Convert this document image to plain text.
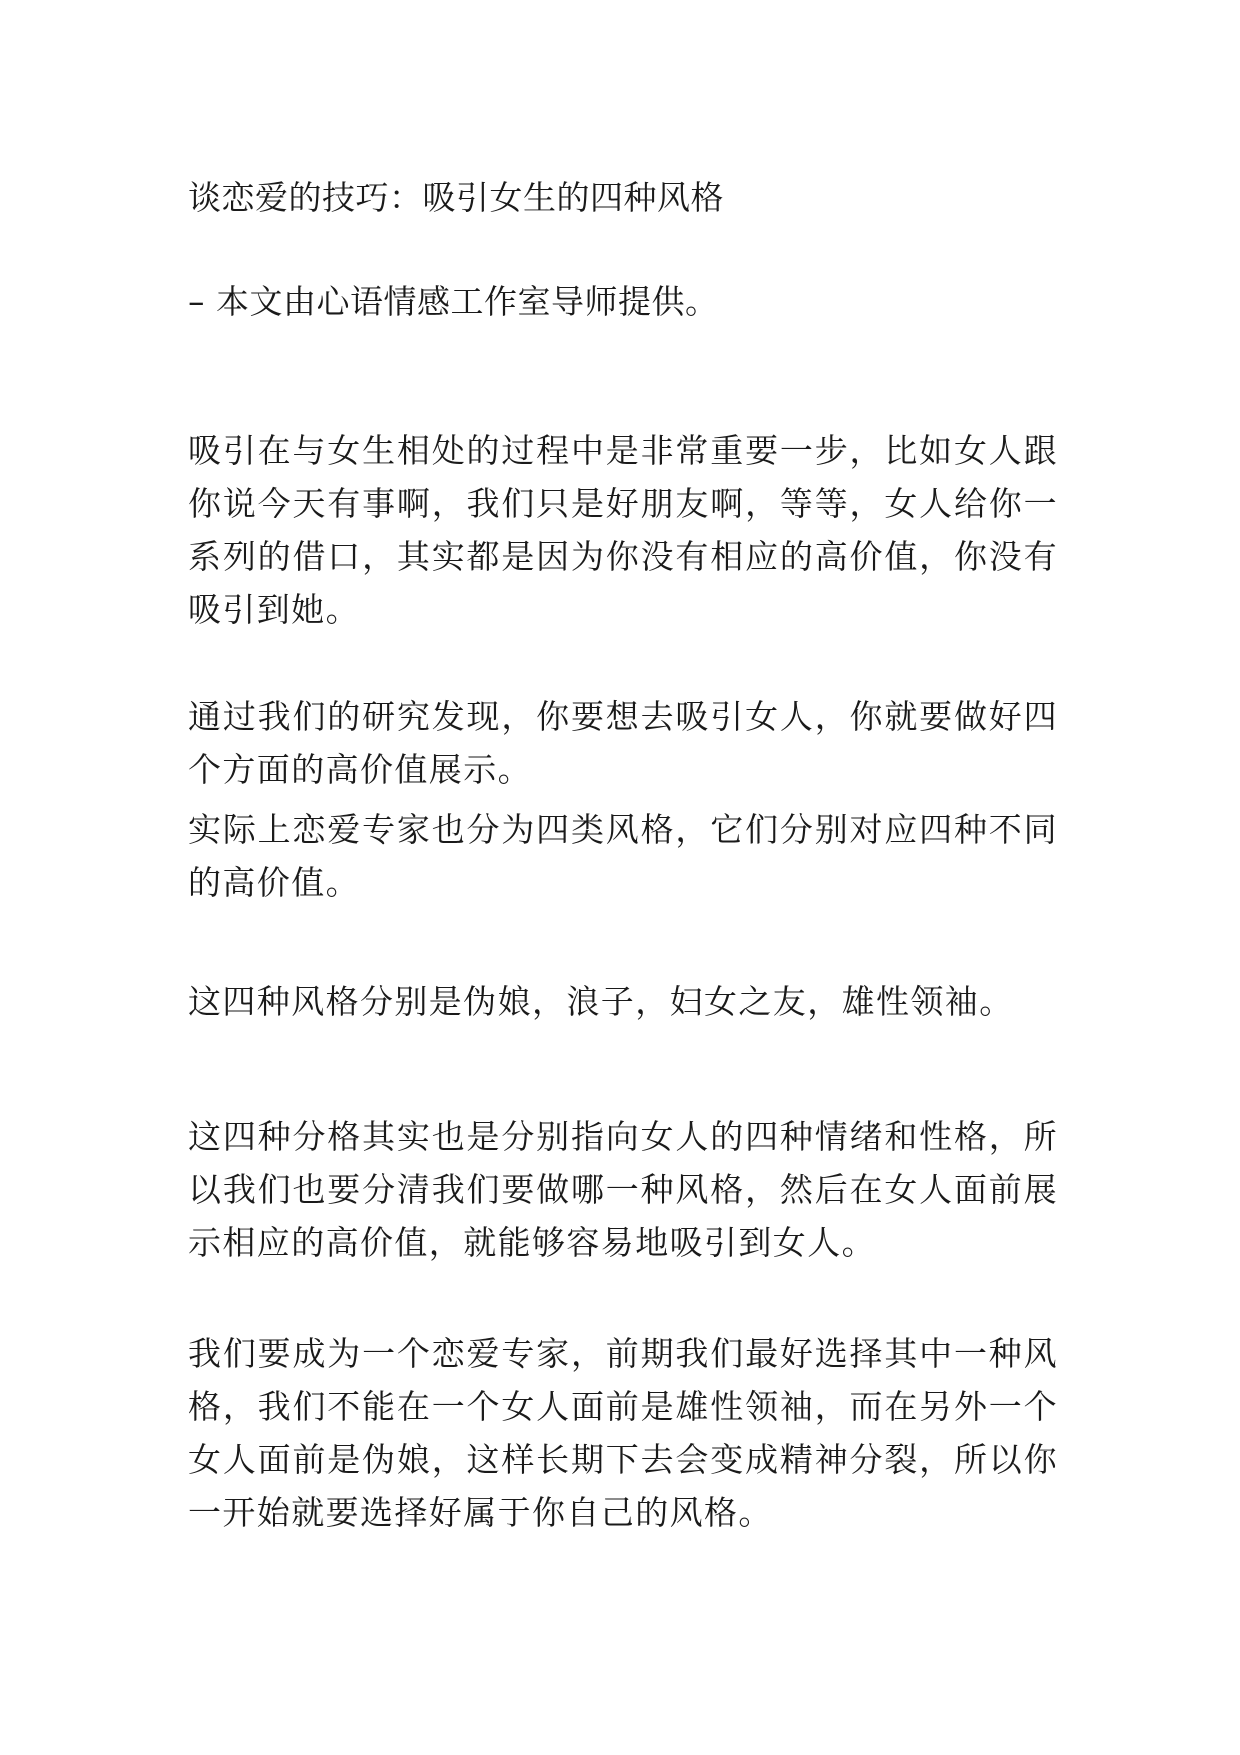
谈恋爱的技巧：吸引女生的四种风格

– 本文由心语情感工作室导师提供。

吸引在与女生相处的过程中是非常重要一步，比如女人跟你说今天有事啊，我们只是好朋友啊，等等，女人给你一系列的借口，其实都是因为你没有相应的高价值，你没有吸引到她。

通过我们的研究发现，你要想去吸引女人，你就要做好四个方面的高价值展示。

实际上恋爱专家也分为四类风格，它们分别对应四种不同的高价值。

这四种风格分别是伪娘，浪子，妇女之友，雄性领袖。

这四种分格其实也是分别指向女人的四种情绪和性格，所以我们也要分清我们要做哪一种风格，然后在女人面前展示相应的高价值，就能够容易地吸引到女人。

我们要成为一个恋爱专家，前期我们最好选择其中一种风格，我们不能在一个女人面前是雄性领袖，而在另外一个女人面前是伪娘，这样长期下去会变成精神分裂，所以你一开始就要选择好属于你自己的风格。
